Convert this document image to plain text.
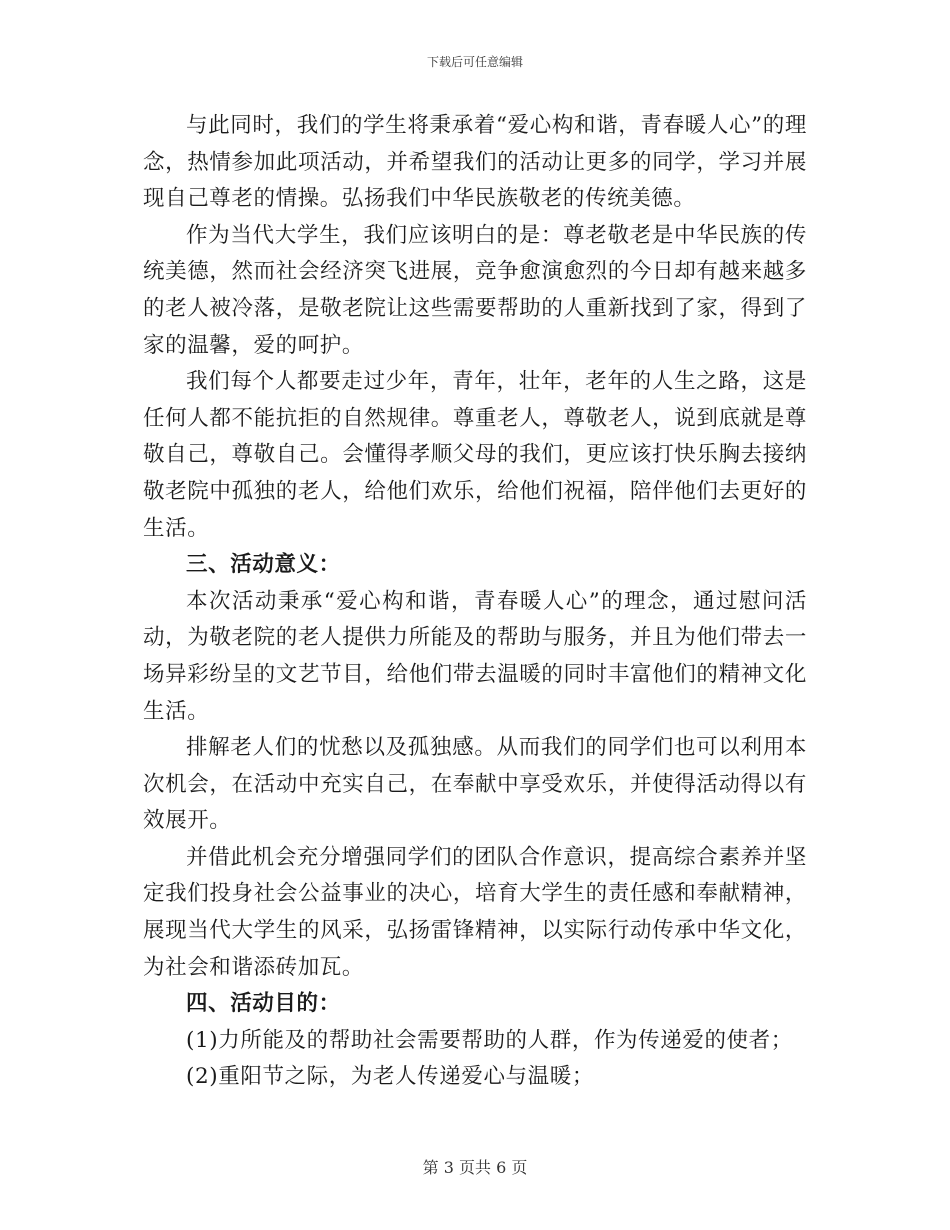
下载后可任意编辑

与此同时，我们的学生将秉承着“爱心构和谐，青春暖人心”的理念，热情参加此项活动，并希望我们的活动让更多的同学，学习并展现自己尊老的情操。弘扬我们中华民族敬老的传统美德。

作为当代大学生，我们应该明白的是：尊老敬老是中华民族的传统美德，然而社会经济突飞进展，竞争愈演愈烈的今日却有越来越多的老人被冷落，是敬老院让这些需要帮助的人重新找到了家，得到了家的温馨，爱的呵护。

我们每个人都要走过少年，青年，壮年，老年的人生之路，这是任何人都不能抗拒的自然规律。尊重老人，尊敬老人，说到底就是尊敬自己，尊敬自己。会懂得孝顺父母的我们，更应该打快乐胸去接纳敬老院中孤独的老人，给他们欢乐，给他们祝福，陪伴他们去更好的生活。

三、活动意义：

本次活动秉承“爱心构和谐，青春暖人心”的理念，通过慰问活动，为敬老院的老人提供力所能及的帮助与服务，并且为他们带去一场异彩纷呈的文艺节目，给他们带去温暖的同时丰富他们的精神文化生活。

排解老人们的忧愁以及孤独感。从而我们的同学们也可以利用本次机会，在活动中充实自己，在奉献中享受欢乐，并使得活动得以有效展开。

并借此机会充分增强同学们的团队合作意识，提高综合素养并坚定我们投身社会公益事业的决心，培育大学生的责任感和奉献精神，展现当代大学生的风采，弘扬雷锋精神，以实际行动传承中华文化，为社会和谐添砖加瓦。

四、活动目的：

(1)力所能及的帮助社会需要帮助的人群，作为传递爱的使者；

(2)重阳节之际，为老人传递爱心与温暖；

第 3 页共 6 页
